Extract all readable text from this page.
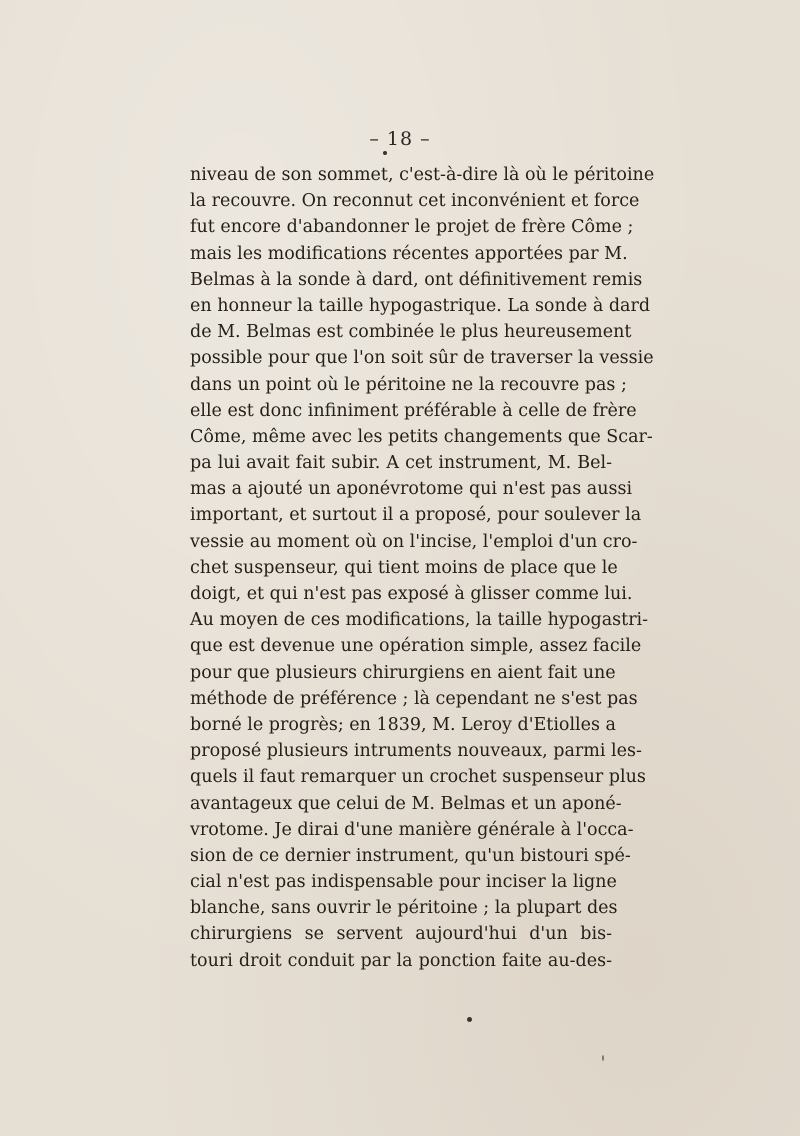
– 18 –
niveau de son sommet, c'est-à-dire là où le péritoine
la recouvre. On reconnut cet inconvénient et force
fut encore d'abandonner le projet de frère Côme ;
mais les modifications récentes apportées par M.
Belmas à la sonde à dard, ont définitivement remis
en honneur la taille hypogastrique. La sonde à dard
de M. Belmas est combinée le plus heureusement
possible pour que l'on soit sûr de traverser la vessie
dans un point où le péritoine ne la recouvre pas ;
elle est donc infiniment préférable à celle de frère
Côme, même avec les petits changements que Scar-
pa lui avait fait subir. A cet instrument, M. Bel-
mas a ajouté un aponévrotome qui n'est pas aussi
important, et surtout il a proposé, pour soulever la
vessie au moment où on l'incise, l'emploi d'un cro-
chet suspenseur, qui tient moins de place que le
doigt, et qui n'est pas exposé à glisser comme lui.
Au moyen de ces modifications, la taille hypogastri-
que est devenue une opération simple, assez facile
pour que plusieurs chirurgiens en aient fait une
méthode de préférence ; là cependant ne s'est pas
borné le progrès; en 1839, M. Leroy d'Etiolles a
proposé plusieurs intruments nouveaux, parmi les-
quels il faut remarquer un crochet suspenseur plus
avantageux que celui de M. Belmas et un aponé-
vrotome. Je dirai d'une manière générale à l'occa-
sion de ce dernier instrument, qu'un bistouri spé-
cial n'est pas indispensable pour inciser la ligne
blanche, sans ouvrir le péritoine ; la plupart des
chirurgiens se servent aujourd'hui d'un bis-
touri droit conduit par la ponction faite au-des-
